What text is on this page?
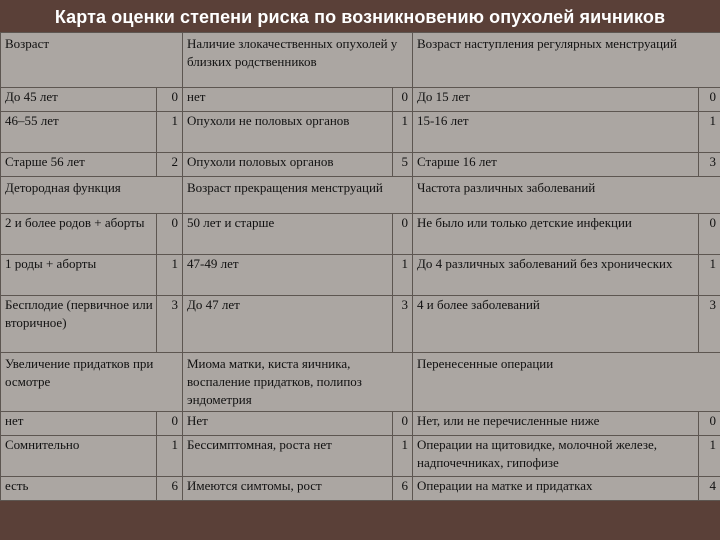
Карта оценки степени риска по возникновению опухолей яичников
Возраст		Наличие злокачественных опухолей у близких родственников		Возраст наступления регулярных менструаций	
До 45 лет	0	нет	0	До 15 лет	0
46–55 лет	1	Опухоли не половых органов	1	15-16 лет	1
Старше 56 лет	2	Опухоли половых органов	5	Старше 16 лет	3
Детородная функция		Возраст прекращения менструаций		Частота различных заболеваний	
2 и более родов + аборты	0	50 лет и старше	0	Не было или только детские инфекции	0
1 роды + аборты	1	47-49 лет	1	До 4 различных заболеваний без хронических	1
Бесплодие (первичное или вторичное)	3	До 47 лет	3	4 и более заболеваний	3
Увеличение придатков при осмотре		Миома матки, киста яичника, воспаление придатков, полипоз эндометрия		Перенесенные операции	
нет	0	Нет	0	Нет, или не перечисленные ниже	0
Сомнительно	1	Бессимптомная, роста нет	1	Операции на щитовидке, молочной железе, надпочечниках, гипофизе	1
есть	6	Имеются симтомы, рост	6	Операции на матке и придатках	4
